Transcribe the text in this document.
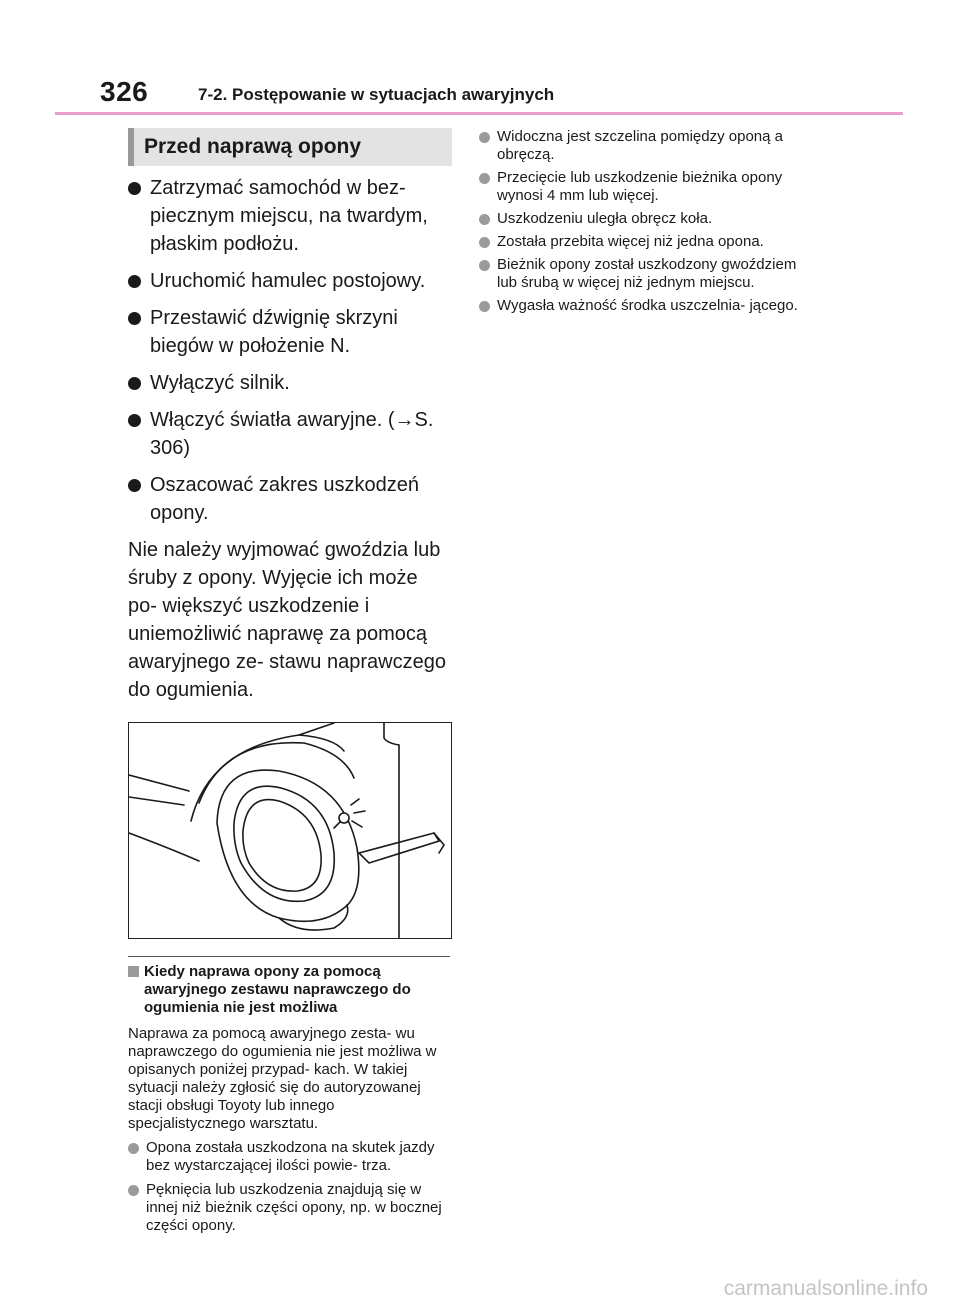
326	7-2. Postępowanie w sytuacjach awaryjnych
Przed naprawą opony
Zatrzymać samochód w bez- piecznym miejscu, na twardym, płaskim podłożu.
Uruchomić hamulec postojowy.
Przestawić dźwignię skrzyni biegów w położenie N.
Wyłączyć silnik.
Włączyć światła awaryjne. (→S. 306)
Oszacować zakres uszkodzeń opony.

Nie należy wyjmować gwoździa lub śruby z opony. Wyjęcie ich może po- większyć uszkodzenie i uniemożliwić naprawę za pomocą awaryjnego ze- stawu naprawczego do ogumienia.

Kiedy naprawa opony za pomocą awaryjnego zestawu naprawczego do ogumienia nie jest możliwa

Naprawa za pomocą awaryjnego zesta- wu naprawczego do ogumienia nie jest możliwa w opisanych poniżej przypad- kach. W takiej sytuacji należy zgłosić się do autoryzowanej stacji obsługi Toyoty lub innego specjalistycznego warsztatu.

Opona została uszkodzona na skutek jazdy bez wystarczającej ilości powie- trza.
Pęknięcia lub uszkodzenia znajdują się w innej niż bieżnik części opony, np. w bocznej części opony.
Widoczna jest szczelina pomiędzy oponą a obręczą.
Przecięcie lub uszkodzenie bieżnika opony wynosi 4 mm lub więcej.
Uszkodzeniu uległa obręcz koła.
Została przebita więcej niż jedna opona.
Bieżnik opony został uszkodzony gwoździem lub śrubą w więcej niż jednym miejscu.
Wygasła ważność środka uszczelnia- jącego.
carmanualsonline.info
